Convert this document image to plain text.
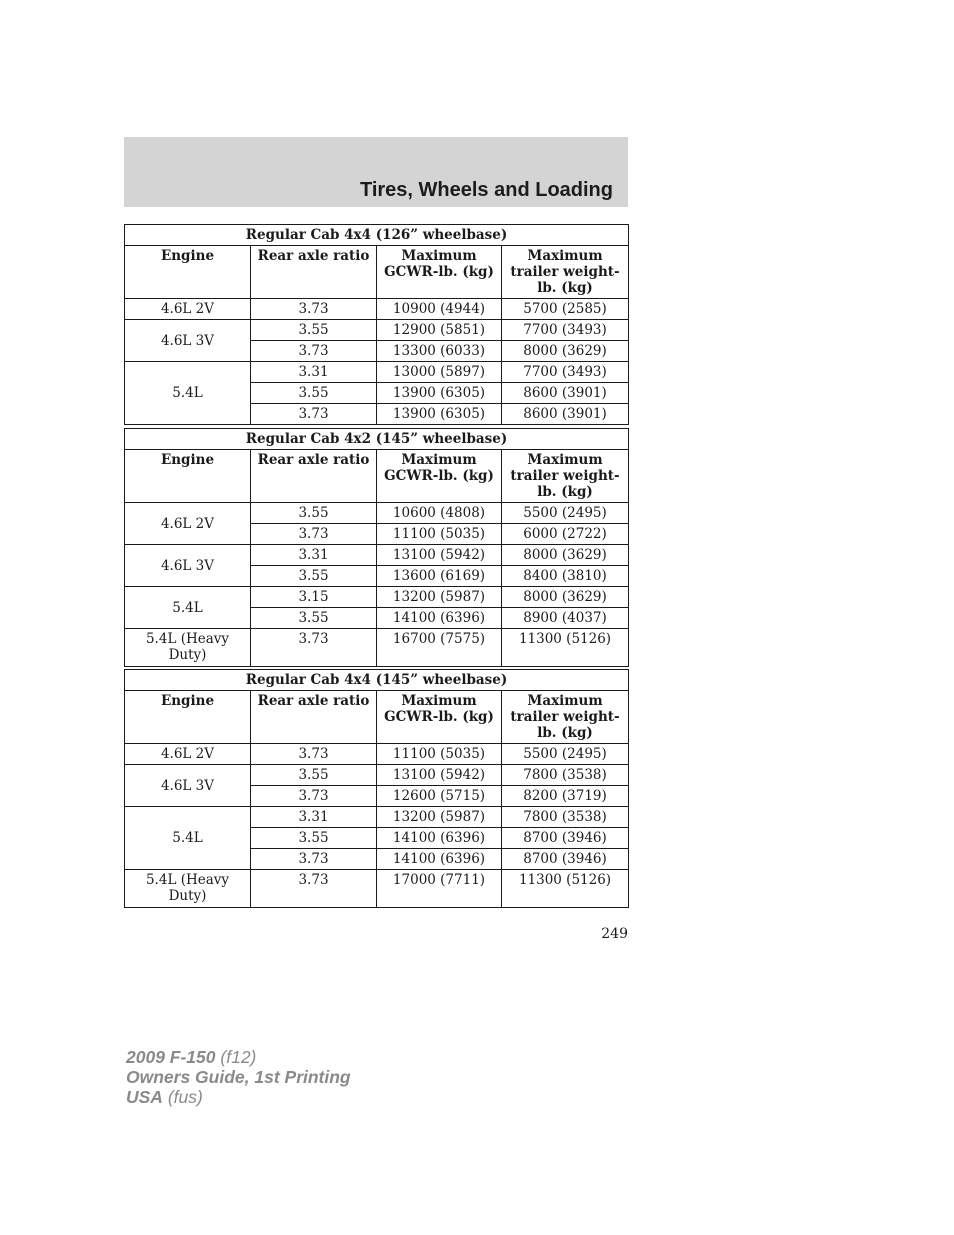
Tires, Wheels and Loading
Regular Cab 4x4 (126” wheelbase)			
Engine	Rear axle ratio	Maximum GCWR-lb. (kg)	Maximum trailer weight-lb. (kg)
4.6L 2V	3.73	10900 (4944)	5700 (2585)
4.6L 3V	3.55	12900 (5851)	7700 (3493)
	3.73	13300 (6033)	8000 (3629)
5.4L	3.31	13000 (5897)	7700 (3493)
	3.55	13900 (6305)	8600 (3901)
	3.73	13900 (6305)	8600 (3901)
Regular Cab 4x2 (145” wheelbase)			
Engine	Rear axle ratio	Maximum GCWR-lb. (kg)	Maximum trailer weight-lb. (kg)
4.6L 2V	3.55	10600 (4808)	5500 (2495)
	3.73	11100 (5035)	6000 (2722)
4.6L 3V	3.31	13100 (5942)	8000 (3629)
	3.55	13600 (6169)	8400 (3810)
5.4L	3.15	13200 (5987)	8000 (3629)
	3.55	14100 (6396)	8900 (4037)
5.4L (Heavy Duty)	3.73	16700 (7575)	11300 (5126)
Regular Cab 4x4 (145” wheelbase)			
Engine	Rear axle ratio	Maximum GCWR-lb. (kg)	Maximum trailer weight-lb. (kg)
4.6L 2V	3.73	11100 (5035)	5500 (2495)
4.6L 3V	3.55	13100 (5942)	7800 (3538)
	3.73	12600 (5715)	8200 (3719)
5.4L	3.31	13200 (5987)	7800 (3538)
	3.55	14100 (6396)	8700 (3946)
	3.73	14100 (6396)	8700 (3946)
5.4L (Heavy Duty)	3.73	17000 (7711)	11300 (5126)
249
2009 F-150 (f12)
Owners Guide, 1st Printing
USA (fus)
